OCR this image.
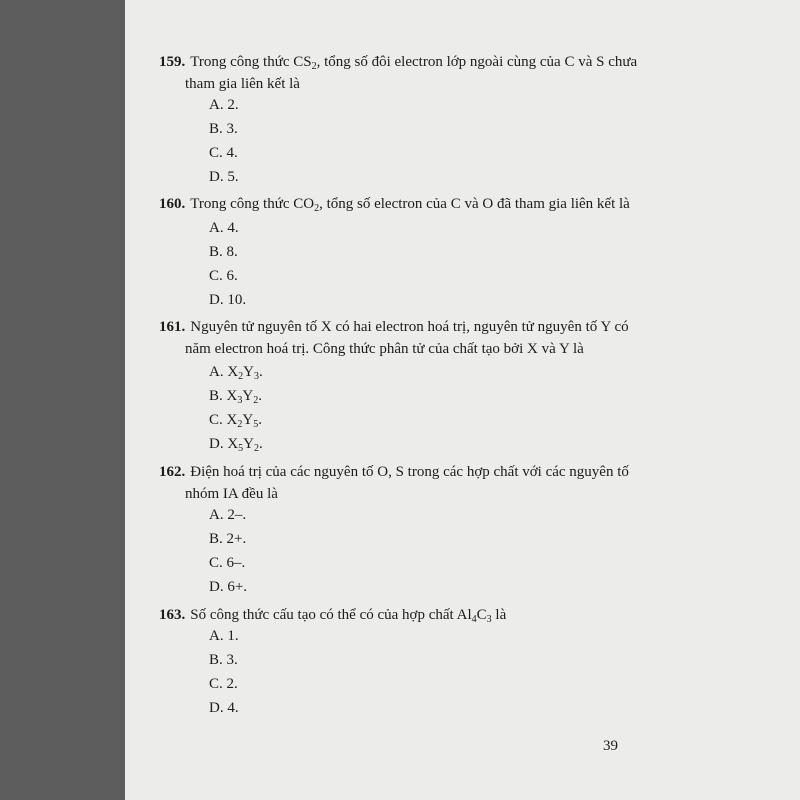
159. Trong công thức $CS_2$, tổng số đôi electron lớp ngoài cùng của C và S chưa
tham gia liên kết là
A. 2.
B. 3.
C. 4.
D. 5.
160. Trong công thức $CO_2$, tổng số electron của C và O đã tham gia liên kết là
A. 4.
B. 8.
C. 6.
D. 10.
161. Nguyên tử nguyên tố X có hai electron hoá trị, nguyên tử nguyên tố Y có
năm electron hoá trị. Công thức phân tử của chất tạo bởi X và Y là
A. $X_2Y_3$.
B. $X_3Y_2$.
C. $X_2Y_5$.
D. $X_5Y_2$.
162. Điện hoá trị của các nguyên tố O, S trong các hợp chất với các nguyên tố
nhóm IA đều là
A. 2–.
B. 2+.
C. 6–.
D. 6+.
163. Số công thức cấu tạo có thể có của hợp chất $Al_4C_3$ là
A. 1.
B. 3.
C. 2.
D. 4.
39
